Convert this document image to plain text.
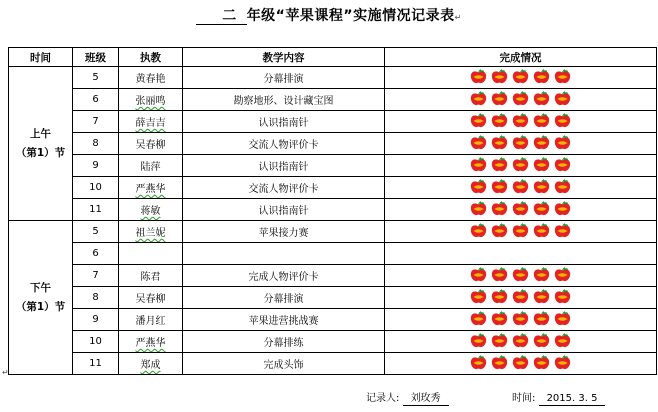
二 年级“苹果课程”实施情况记录表↵
时间	班级	执教	教学内容	完成情况

上午
（第1）节	5	黄春艳	分幕排演	

	6	张丽鸣	勘察地形、设计藏宝图	

	7	薛吉吉	认识指南针	

	8	吴春柳	交流人物评价卡	

	9	陆萍	认识指南针	

	10	严燕华	交流人物评价卡	

	11	蒋敏	认识指南针	

下午
（第1）节	5	祖兰妮	苹果接力赛	

	6			
	7	陈君	完成人物评价卡	

	8	吴春柳	分幕排演	

	9	潘月红	苹果进营挑战赛	

	10	严燕华	分幕排练	

	11	郑成	完成头饰	
↵
记录人: 刘玫秀	时间: 2015. 3. 5
